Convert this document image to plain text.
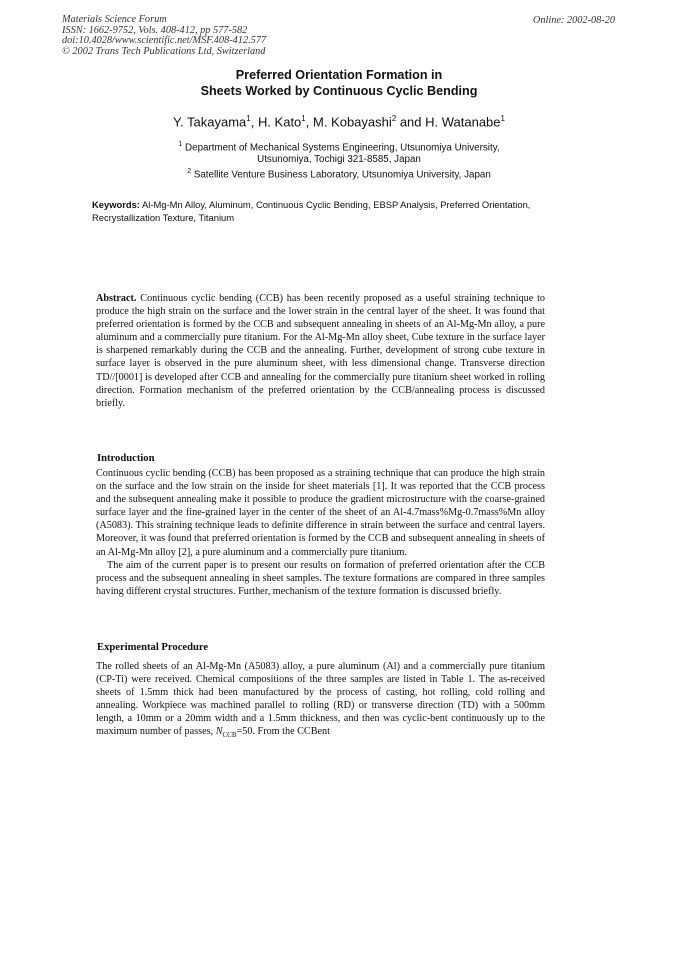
Materials Science Forum
ISSN: 1662-9752, Vols. 408-412, pp 577-582
doi:10.4028/www.scientific.net/MSF.408-412.577
© 2002 Trans Tech Publications Ltd, Switzerland
Online: 2002-08-20
Preferred Orientation Formation in
Sheets Worked by Continuous Cyclic Bending
Y. Takayama$^1$, H. Kato$^1$, M. Kobayashi$^2$ and H. Watanabe$^1$
$^1$ Department of Mechanical Systems Engineering, Utsunomiya University,
Utsunomiya, Tochigi 321-8585, Japan
$^2$ Satellite Venture Business Laboratory, Utsunomiya University, Japan
Keywords: Al-Mg-Mn Alloy, Aluminum, Continuous Cyclic Bending, EBSP Analysis, Preferred Orientation, Recrystallization Texture, Titanium
Abstract. Continuous cyclic bending (CCB) has been recently proposed as a useful straining technique to produce the high strain on the surface and the lower strain in the central layer of the sheet. It was found that preferred orientation is formed by the CCB and subsequent annealing in sheets of an Al-Mg-Mn alloy, a pure aluminum and a commercially pure titanium. For the Al-Mg-Mn alloy sheet, Cube texture in the surface layer is sharpened remarkably during the CCB and the annealing. Further, development of strong cube texture in surface layer is observed in the pure aluminum sheet, with less dimensional change. Transverse direction TD//[0001] is developed after CCB and annealing for the commercially pure titanium sheet worked in rolling direction. Formation mechanism of the preferred orientation by the CCB/annealing process is discussed briefly.
Introduction
Continuous cyclic bending (CCB) has been proposed as a straining technique that can produce the high strain on the surface and the low strain on the inside for sheet materials [1]. It was reported that the CCB process and the subsequent annealing make it possible to produce the gradient microstructure with the coarse-grained surface layer and the fine-grained layer in the center of the sheet of an Al-4.7mass%Mg-0.7mass%Mn alloy (A5083). This straining technique leads to definite difference in strain between the surface and central layers. Moreover, it was found that preferred orientation is formed by the CCB and subsequent annealing in sheets of an Al-Mg-Mn alloy [2], a pure aluminum and a commercially pure titanium.
The aim of the current paper is to present our results on formation of preferred orientation after the CCB process and the subsequent annealing in sheet samples. The texture formations are compared in three samples having different crystal structures. Further, mechanism of the texture formation is discussed briefly.
Experimental Procedure
The rolled sheets of an Al-Mg-Mn (A5083) alloy, a pure aluminum (Al) and a commercially pure titanium (CP-Ti) were received. Chemical compositions of the three samples are listed in Table 1. The as-received sheets of 1.5mm thick had been manufactured by the process of casting, hot rolling, cold rolling and annealing. Workpiece was machined parallel to rolling (RD) or transverse direction (TD) with a 500mm length, a 10mm or a 20mm width and a 1.5mm thickness, and then was cyclic-bent continuously up to the maximum number of passes, $N_{CCB}=50$. From the CCBent
